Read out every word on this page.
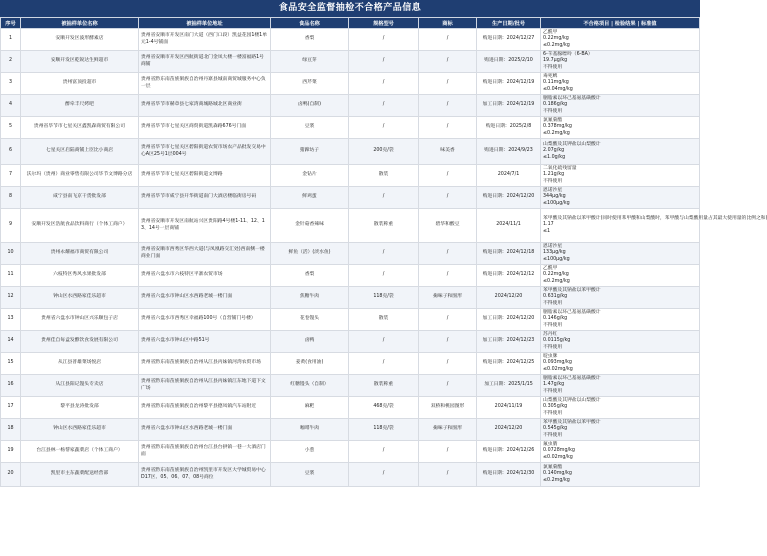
食品安全监督抽检不合格产品信息
序号	被抽样单位名称	被抽样单位地址	食品名称	规格型号	商标	生产日期/批号	不合格项目 | 检验结果 | 标准值
1	安顺开发区波形酵素店	贵州省安顺市开发区南门大道（西门口段）凯益花园1楼1单元1-4号铺面	香梨	/	/	购进日期：2024/12/27	乙酰甲
0.22mg/kg
≤0.2mg/kg

2	安顺开发区乾锐达生鲜超市	贵州省安顺市开发区西航街道北门金凤大楼一楼富福路1号商铺	绿豆芽	/	/	购进日期：2025/2/10	6-苄基腺嘌呤（6-BA）
19.7μg/kg
不得使用

3	贵州富顶投超市	贵州省黔东南苗族侗族自治州丹寨县城南商贸城服务中心负一层	西芹菜	/	/	购进日期：2024/12/19	毒死蜱
0.11mg/kg
≤0.04mg/kg

4	醉牵丰尺烤吧	贵州省毕节市赫章县七家湾商城路城北区商业街	卤鸭(自制)	/	/	加工日期：2024/12/19	胭脂素以环己基氨基磺酸计
0.186g/kg
不得使用

5	贵州省毕节市七星关区鑫凯森商贸有限公司	贵州省毕节市七星关区商贸街道凯森路676号门面	豆浆	/	/	购进日期：2025/2/8	氯氰菊酯
0.378mg/kg
≤0.2mg/kg

6	七星关区启陆商铺上臣比小商店	贵州省毕节市七星关区碧阳街道农贸市场农产品批发交易中心A区25号1层004号	猪蹄坊子	200克/袋	味美香	购进日期：2024/9/23	山梨酸及其钾盐以山梨酸计
2.07g/kg
≤1.0g/kg

7	沃尔玛（贵州）商业零售有限公司毕节文博路分店	贵州省毕节市七星关区碧阳街道文博路	金钻片	散装	/	2024/7/1	二氧化硫残留量
1.21g/kg
不得使用

8	咸宁县南飞京干货批发部	贵州省毕节市威宁县开华街道南门大酒店楼临街房号码	鲜鸡蛋	/	/	购进日期：2024/12/20	恩诺沙星
344μg/kg
≤100μg/kg

9	安顺开发区浩航食品饮料商行（个体工商户）	贵州省安顺市开发区南航站兴区贵阳路4号楼1-11、12、13、14号一层商铺	金针菇香辣味	散装称重	碧华和酸豆	2024/11/1	苯甲酸及其钠盐以苯甲酸计(同时使用苯甲酸和山梨酸时，苯甲酸与山梨酸用量占其最大使用量的比例之和)
1.17
≤1

10	贵州永耀福市商贸有限公司	贵州省安顺市西秀区华西大道(与凤凰路交汇处)西南侧一楼商业门面	鲜鱼（活）(淡水鱼)	/	/	购进日期：2024/12/18	恩诺沙星
133μg/kg
≤100μg/kg

11	六枝特区秀风水果批发部	贵州省六盘水市六枝特区平寨农贸市场	香梨	/	/	购进日期：2024/12/12	乙酰甲
0.22mg/kg
≤0.2mg/kg

12	钟山区水西路家佳乐超市	贵州省六盘水市钟山区水西路老城一楼门面	焦糖牛肉	118克/袋	掬味子和图形	2024/12/20	苯甲酸及其钠盐以苯甲酸计
0.631g/kg
不得使用

13	贵州省六盘水市钟山区兴乐顺包子店	贵州省六盘水市西秀区幸福路100号（自营铺门号楼）	花卷馒头	散装	/	加工日期：2024/12/20	胭脂素以环己基氨基磺酸计
0.146g/kg
不得使用

14	贵州佳自每盒发酵饮食发展有限公司	贵州省六盘水市钟山区中路51号	卤鸭	/	/	加工日期：2024/12/23	苏丹红
0.0115g/kg
不得使用

15	从江县普雄菜场悦店	贵州省黔东南苗族侗族自治州从江县丙妹镇河湾农贸市场	姜黄(食用油)	/	/	购进日期：2024/12/25	啶虫脒
0.093mg/kg
≤0.02mg/kg

16	从江县阳记馒头专卖店	贵州省黔东南苗族侗族自治州从江县丙妹镇江东地下道下文广场	红糖馒头（自制）	散装称重	/	加工日期：2025/1/15	胭脂素以环己基氨基磺酸计
1.47g/kg
不得使用

17	黎平县龙涛批发部	贵州省黔东南苗族侗族自治州黎平县德凤镇汽车站附近	麻粑	468克/袋	双桥和桃园图形	2024/11/19	山梨酸及其钾盐以山梨酸计
0.305g/kg
不得使用

18	钟山区水西路家佳乐超市	贵州省六盘水市钟山区水西路老城一楼门面	咖啡牛肉	118克/袋	掬味子和图形	2024/12/20	苯甲酸及其钠盐以苯甲酸计
0.545g/kg
不得使用

19	台江县林一杨帮家蔬菜店（个体工商户）	贵州省黔东南苗族侗族自治州台江县台拱镇一巷一大酒店门面	小葱	/	/	购进日期：2024/12/26	氟虫腈
0.0728mg/kg
≤0.02mg/kg

20	凯里市主东蔬菜配送经营部	贵州省黔东南苗族侗族自治州凯里市开发区大学城贸易中心D17区、05、06、07、08号商位	豆浆	/	/	购进日期：2024/12/30	氯氰菊酯
0.140mg/kg
≤0.2mg/kg
